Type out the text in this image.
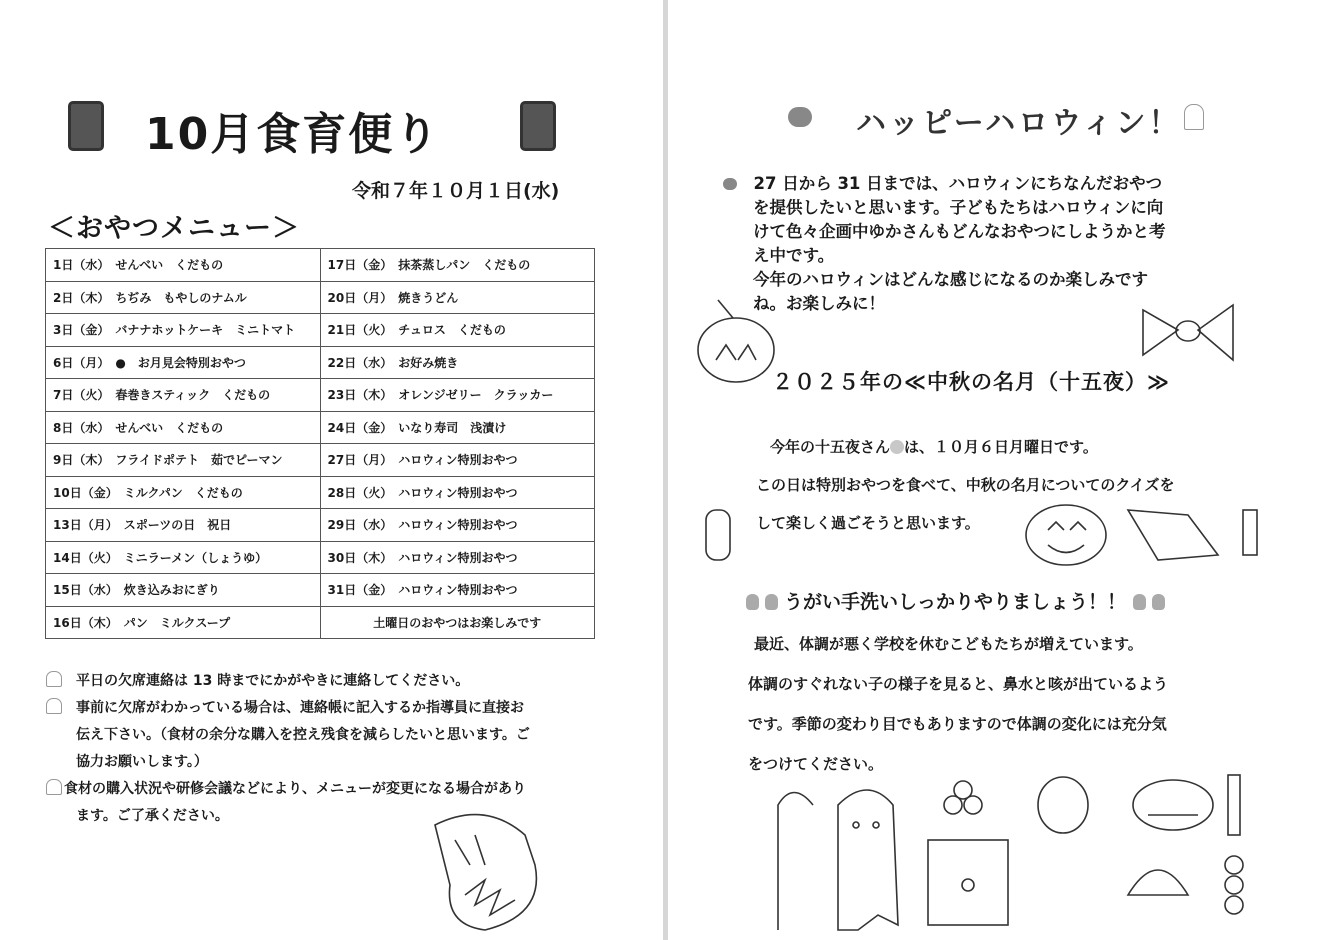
10月食育便り
令和７年１０月１日(水)
＜おやつメニュー＞
1日（水）　せんべい　くだもの	17日（金）　抹茶蒸しパン　くだもの
2日（木）　ちぢみ　もやしのナムル	20日（月）　焼きうどん
3日（金）　バナナホットケーキ　ミニトマト	21日（火）　チュロス　くだもの
6日（月）　●　お月見会特別おやつ	22日（水）　お好み焼き
7日（火）　春巻きスティック　くだもの	23日（木）　オレンジゼリー　クラッカー
8日（水）　せんべい　くだもの	24日（金）　いなり寿司　浅漬け
9日（木）　フライドポテト　茹でピーマン	27日（月）　ハロウィン特別おやつ
10日（金）　ミルクパン　くだもの	28日（火）　ハロウィン特別おやつ
13日（月）　スポーツの日　祝日	29日（水）　ハロウィン特別おやつ
14日（火）　ミニラーメン（しょうゆ）	30日（木）　ハロウィン特別おやつ
15日（水）　炊き込みおにぎり	31日（金）　ハロウィン特別おやつ
16日（木）　パン　ミルクスープ	土曜日のおやつはお楽しみです

平日の欠席連絡は 13 時までにかがやきに連絡してください。

事前に欠席がわかっている場合は、連絡帳に記入するか指導員に直接お

伝え下さい。（食材の余分な購入を控え残食を減らしたいと思います。ご

協力お願いします。）

食材の購入状況や研修会議などにより、メニューが変更になる場合があり

ます。ご了承ください。

ハッピーハロウィン！
　27 日から 31 日までは、ハロウィンにちなんだおやつ
を提供したいと思います。子どもたちはハロウィンに向
けて色々企画中ゆかさんもどんなおやつにしようかと考
え中です。
今年のハロウィンはどんな感じになるのか楽しみです
ね。お楽しみに！
２０２５年の≪中秋の名月（十五夜）≫
今年の十五夜さん は、１０月６日月曜日です。
この日は特別おやつを食べて、中秋の名月についてのクイズを
して楽しく過ごそうと思います。
うがい手洗いしっかりやりましょう！！
最近、体調が悪く学校を休むこどもたちが増えています。
体調のすぐれない子の様子を見ると、鼻水と咳が出ているよう
です。季節の変わり目でもありますので体調の変化には充分気
をつけてください。
